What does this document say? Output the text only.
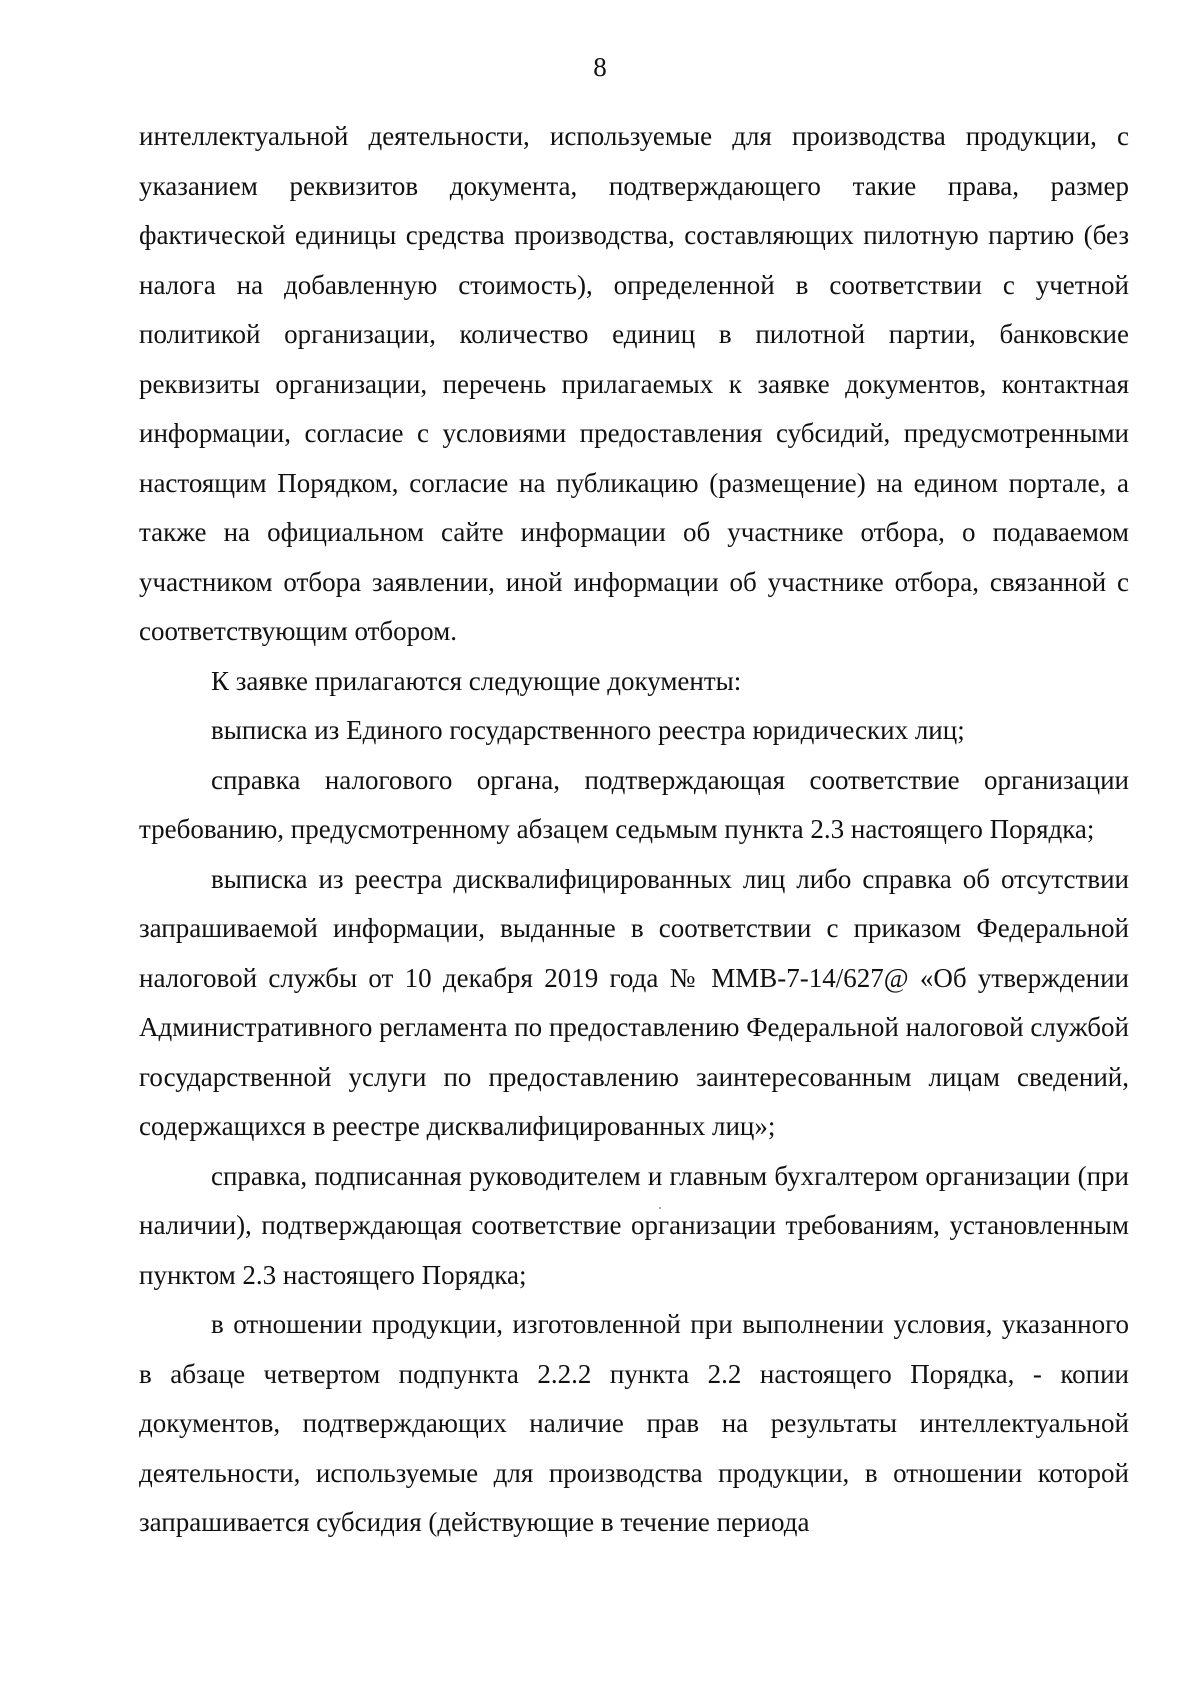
8

интеллектуальной деятельности, используемые для производства продукции, с указанием реквизитов документа, подтверждающего такие права, размер фактической единицы средства производства, составляющих пилотную партию (без налога на добавленную стоимость), определенной в соответствии с учетной политикой организации, количество единиц в пилотной партии, банковские реквизиты организации, перечень прилагаемых к заявке документов, контактная информации, согласие с условиями предоставления субсидий, предусмотренными настоящим Порядком, согласие на публикацию (размещение) на едином портале, а также на официальном сайте информации об участнике отбора, о подаваемом участником отбора заявлении, иной информации об участнике отбора, связанной с соответствующим отбором.

К заявке прилагаются следующие документы:

выписка из Единого государственного реестра юридических лиц;

справка налогового органа, подтверждающая соответствие организации требованию, предусмотренному абзацем седьмым пункта 2.3 настоящего Порядка;

выписка из реестра дисквалифицированных лиц либо справка об отсутствии запрашиваемой информации, выданные в соответствии с приказом Федеральной налоговой службы от 10 декабря 2019 года № ММВ-7-14/627@ «Об утверждении Административного регламента по предоставлению Федеральной налоговой службой государственной услуги по предоставлению заинтересованным лицам сведений, содержащихся в реестре дисквалифицированных лиц»;

справка, подписанная руководителем и главным бухгалтером организации (при наличии), подтверждающая соответствие организации требованиям, установленным пунктом 2.3 настоящего Порядка;

в отношении продукции, изготовленной при выполнении условия, указанного в абзаце четвертом подпункта 2.2.2 пункта 2.2 настоящего Порядка, - копии документов, подтверждающих наличие прав на результаты интеллектуальной деятельности, используемые для производства продукции, в отношении которой запрашивается субсидия (действующие в течение периода
